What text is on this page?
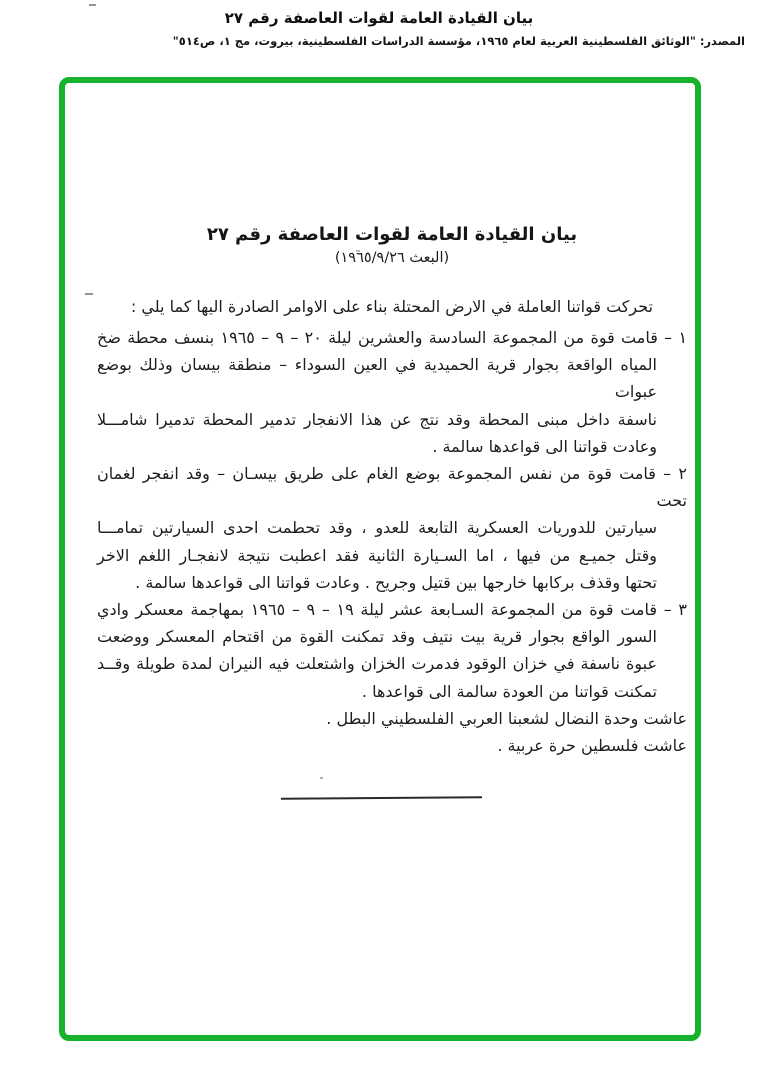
بيان القيادة العامة لقوات العاصفة رقم ٢٧
المصدر: "الوثائق الفلسطينية العربية لعام ١٩٦٥، مؤسسة الدراسات الفلسطينية، بيروت، مج ١، ص٥١٤"
بيان القيادة العامة لقوات العاصفة رقم ٢٧
(البعث ١٩٦٥/٩/٢٦)
تحركت قواتنا العاملة في الارض المحتلة بناء على الاوامر الصادرة اليها كما يلي :
١ – قامت قوة من المجموعة السادسة والعشرين ليلة ٢٠ – ٩ – ١٩٦٥ بنسف محطة ضخ
المياه الواقعة بجوار قرية الحميدية في العين السوداء – منطقة بيسان وذلك بوضع عبوات
ناسفة داخل مبنى المحطة وقد نتج عن هذا الانفجار تدمير المحطة تدميرا شامـــلا
وعادت قواتنا الى قواعدها سالمة .
٢ – قامت قوة من نفس المجموعة بوضع الغام على طريق بيسـان – وقد انفجر لغمان تحت
سيارتين للدوريات العسكرية التابعة للعدو ، وقد تحطمت احدى السيارتين تمامـــا
وقتل جميـع من فيها ، اما السـيارة الثانية فقد اعطبت نتيجة لانفجـار اللغم الاخر
تحتها وقذف بركابها خارجها بين قتيل وجريح . وعادت قواتنا الى قواعدها سالمة .
٣ – قامت قوة من المجموعة السـابعة عشر ليلة ١٩ – ٩ – ١٩٦٥ بمهاجمة معسكر وادي
السور الواقع بجوار قرية بيت نتيف وقد تمكنت القوة من اقتحام المعسكر ووضعت
عبوة ناسفة في خزان الوقود فدمرت الخزان واشتعلت فيه النيران لمدة طويلة وقــد
تمكنت قواتنا من العودة سالمة الى قواعدها .
عاشت وحدة النضال لشعبنا العربي الفلسطيني البطل .
عاشت فلسطين حرة عربية .
